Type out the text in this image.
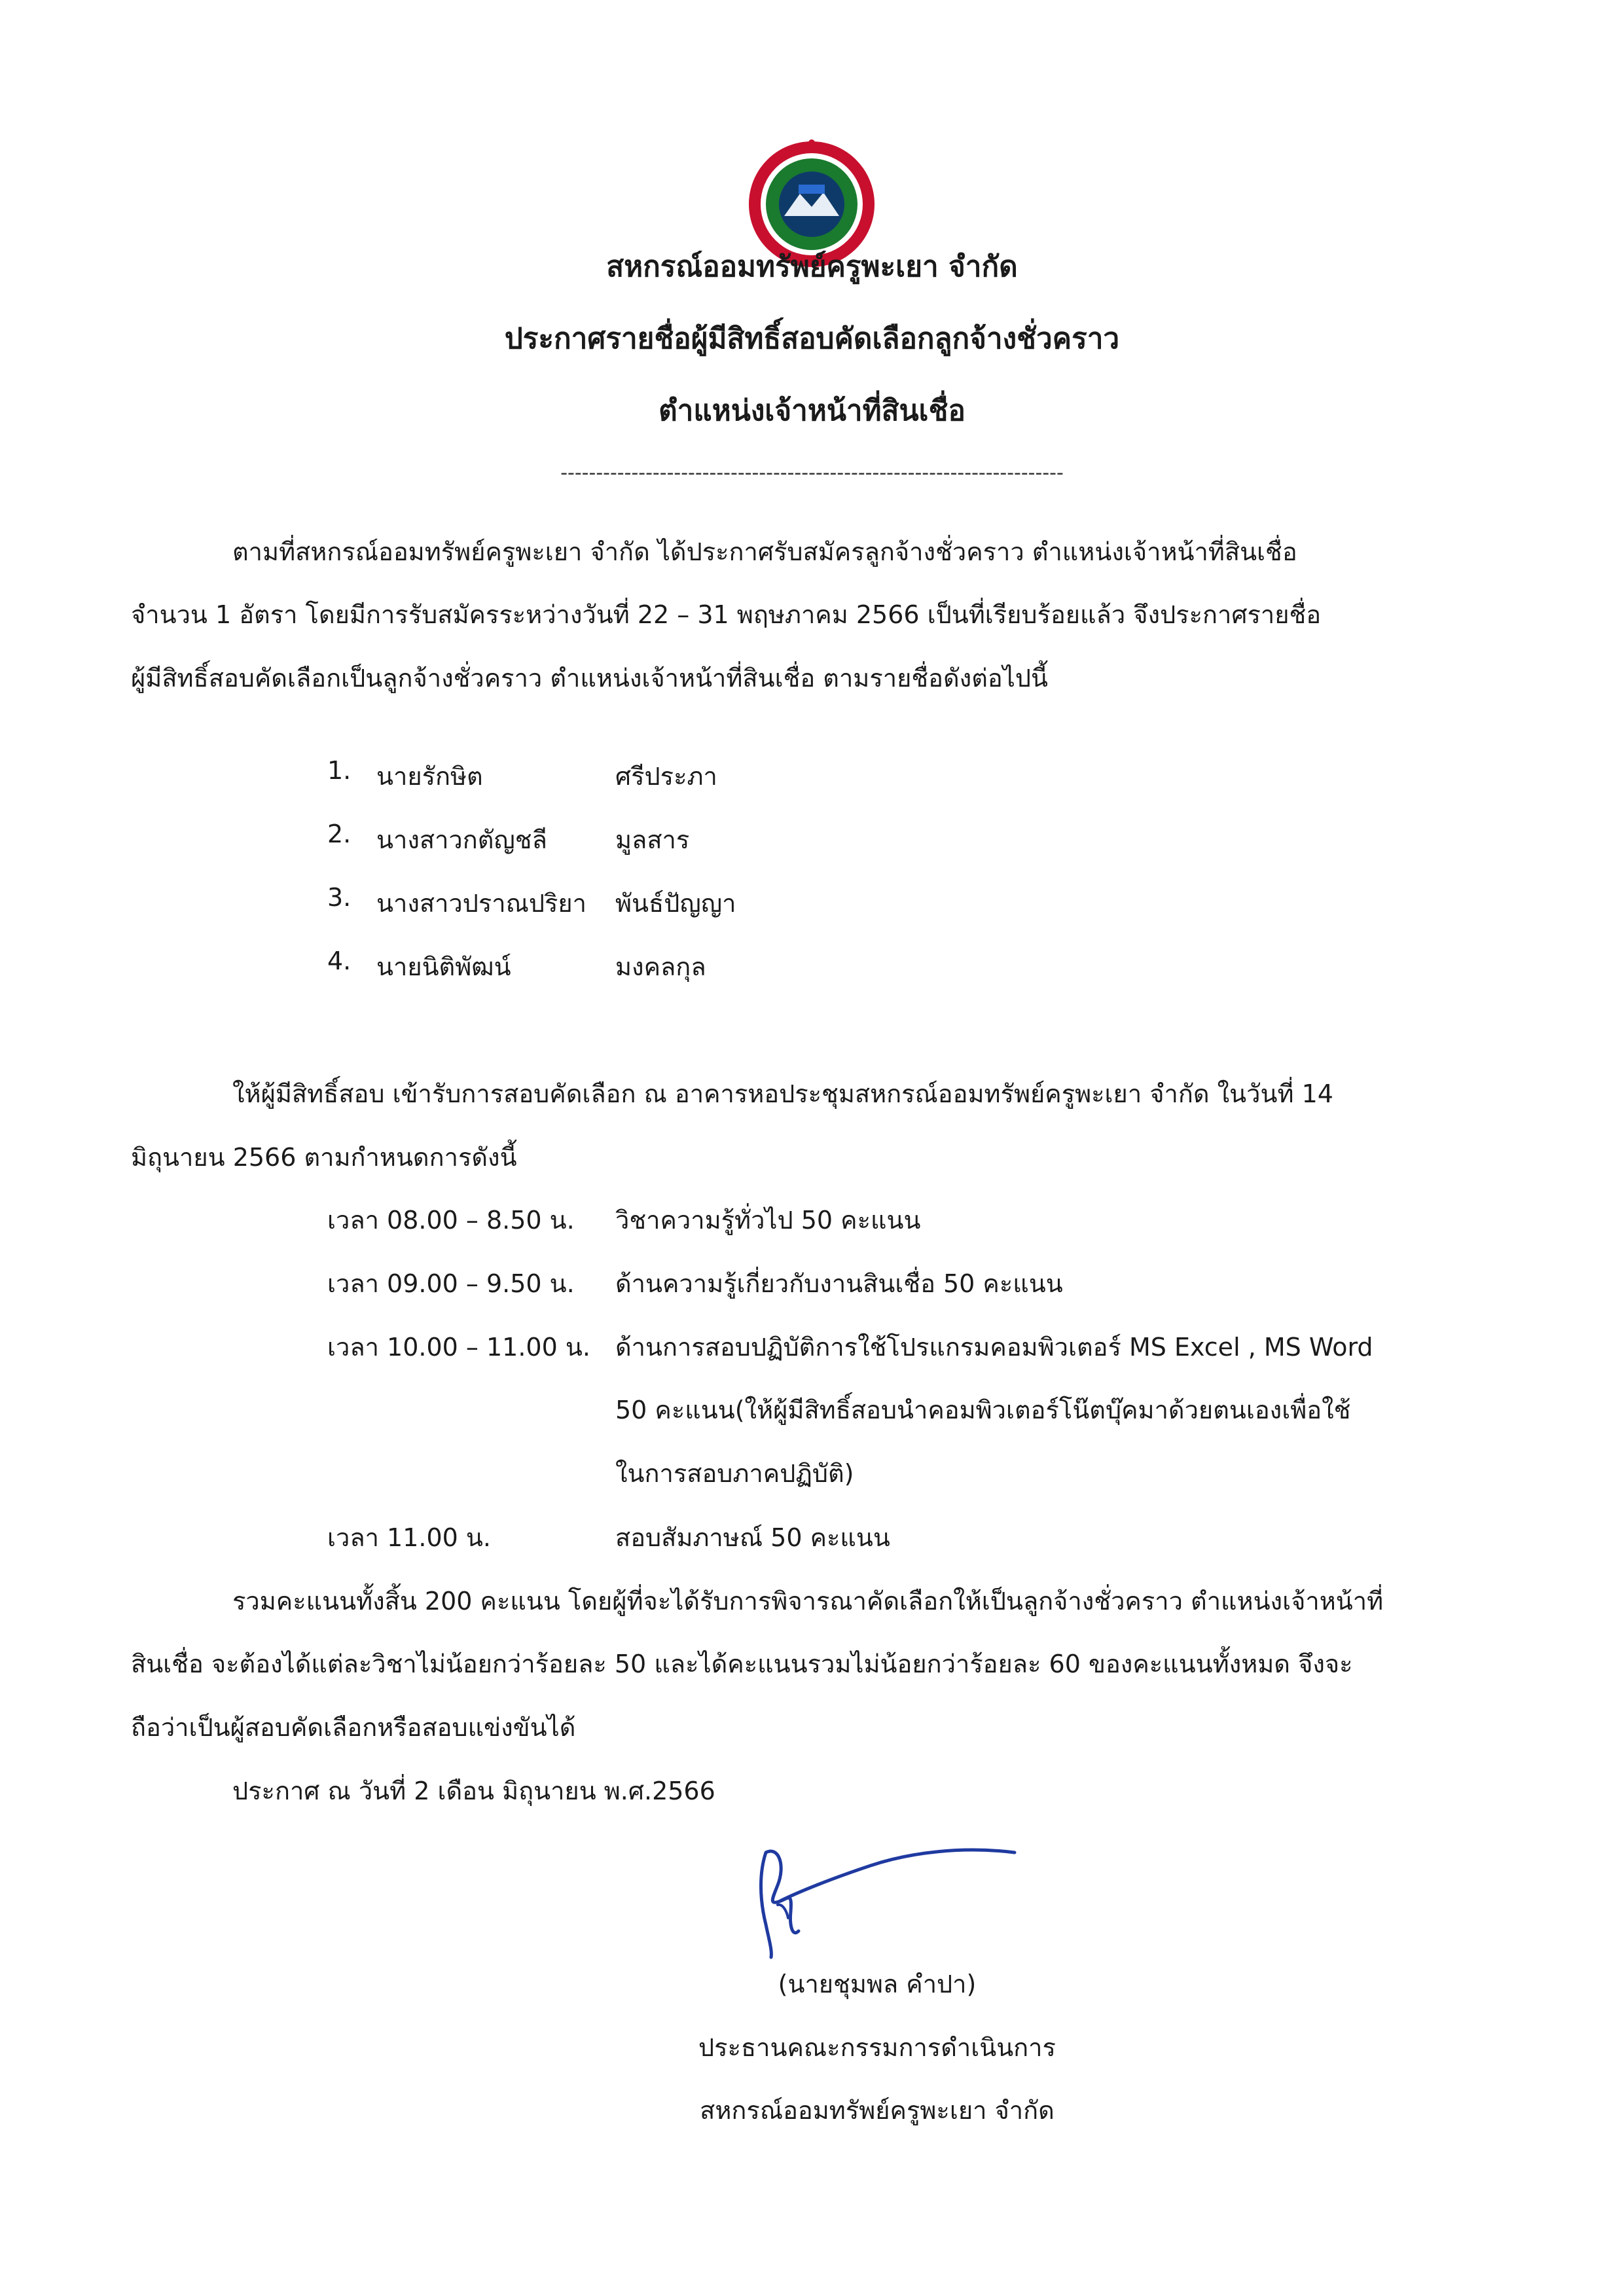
สหกรณ์ออมทรัพย์ครูพะเยา จำกัด
ประกาศรายชื่อผู้มีสิทธิ์สอบคัดเลือกลูกจ้างชั่วคราว
ตำแหน่งเจ้าหน้าที่สินเชื่อ
-----------------------------------------------------------------------
ตามที่สหกรณ์ออมทรัพย์ครูพะเยา จำกัด ได้ประกาศรับสมัครลูกจ้างชั่วคราว ตำแหน่งเจ้าหน้าที่สินเชื่อ
จำนวน 1 อัตรา โดยมีการรับสมัครระหว่างวันที่ 22 – 31 พฤษภาคม 2566 เป็นที่เรียบร้อยแล้ว จึงประกาศรายชื่อ
ผู้มีสิทธิ์สอบคัดเลือกเป็นลูกจ้างชั่วคราว ตำแหน่งเจ้าหน้าที่สินเชื่อ ตามรายชื่อดังต่อไปนี้
1. นายรักษิต	ศรีประภา
2. นางสาวกตัญชลี	มูลสาร
3. นางสาวปราณปริยา พันธ์ปัญญา
4. นายนิติพัฒน์	มงคลกุล
ให้ผู้มีสิทธิ์สอบ เข้ารับการสอบคัดเลือก ณ อาคารหอประชุมสหกรณ์ออมทรัพย์ครูพะเยา จำกัด ในวันที่ 14
มิถุนายน 2566 ตามกำหนดการดังนี้
เวลา 08.00 – 8.50 น. วิชาความรู้ทั่วไป 50 คะแนน
เวลา 09.00 – 9.50 น. ด้านความรู้เกี่ยวกับงานสินเชื่อ 50 คะแนน
เวลา 10.00 – 11.00 น. ด้านการสอบปฏิบัติการใช้โปรแกรมคอมพิวเตอร์ MS Excel , MS Word
50 คะแนน(ให้ผู้มีสิทธิ์สอบนำคอมพิวเตอร์โน๊ตบุ๊คมาด้วยตนเองเพื่อใช้
ในการสอบภาคปฏิบัติ)
เวลา 11.00 น.	สอบสัมภาษณ์ 50 คะแนน
รวมคะแนนทั้งสิ้น 200 คะแนน โดยผู้ที่จะได้รับการพิจารณาคัดเลือกให้เป็นลูกจ้างชั่วคราว ตำแหน่งเจ้าหน้าที่
สินเชื่อ จะต้องได้แต่ละวิชาไม่น้อยกว่าร้อยละ 50 และได้คะแนนรวมไม่น้อยกว่าร้อยละ 60 ของคะแนนทั้งหมด จึงจะ
ถือว่าเป็นผู้สอบคัดเลือกหรือสอบแข่งขันได้
ประกาศ ณ วันที่ 2 เดือน มิถุนายน พ.ศ.2566
(นายชุมพล คำปา)
ประธานคณะกรรมการดำเนินการ
สหกรณ์ออมทรัพย์ครูพะเยา จำกัด
